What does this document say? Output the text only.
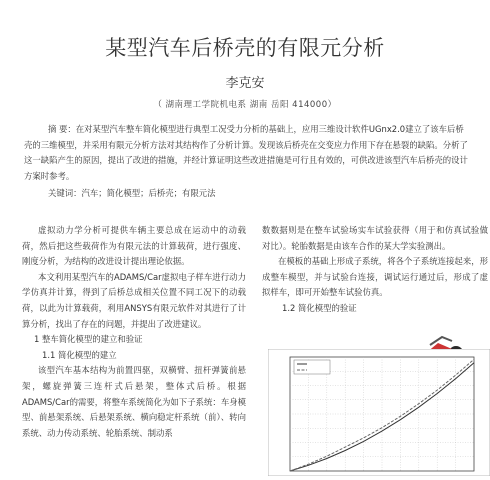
某型汽车后桥壳的有限元分析
李克安
（ 湖南理工学院机电系 湖南 岳阳 414000）

摘 要：在对某型汽车整车简化模型进行典型工况受力分析的基础上，应用三维设计软件UGnx2.0建立了该车后桥壳的三维模型，并采用有限元分析方法对其结构作了分析计算。发现该后桥壳在交变应力作用下存在悬裂的缺陷。分析了这一缺陷产生的原因，提出了改进的措施，并经计算证明这些改进措施是可行且有效的，可供改进该型汽车后桥壳的设计方案时参考。

关键词：汽车；简化模型；后桥壳；有限元法

虚拟动力学分析可提供车辆主要总成在运动中的动载荷，然后把这些载荷作为有限元法的计算载荷，进行强度、刚度分析，为结构的改进设计提出理论依据。

本文利用某型汽车的ADAMS/Car虚拟电子样车进行动力学仿真并计算，得到了后桥总成相关位置不同工况下的动载荷，以此为计算载荷，利用ANSYS有限元软件对其进行了计算分析，找出了存在的问题，并提出了改进建议。

1 整车简化模型的建立和验证

1.1 简化模型的建立

该型汽车基本结构为前置四驱，双横臂、扭杆弹簧前悬架，螺旋弹簧三连杆式后悬架，整体式后桥。根据ADAMS/Car的需要，将整车系统简化为如下子系统：车身模型、前悬架系统、后悬架系统、横向稳定杆系统（前）、转向系统、动力传动系统、轮胎系统、制动系

数数据则是在整车试验场实车试验获得（用于和仿真试验做对比）。轮胎数据是由该车合作的某大学实验测出。

在模板的基础上形成子系统，将各个子系统连接起来，形成整车模型，并与试验台连接，调试运行通过后，形成了虚拟样车，即可开始整车试验仿真。

1.2 简化模型的验证
